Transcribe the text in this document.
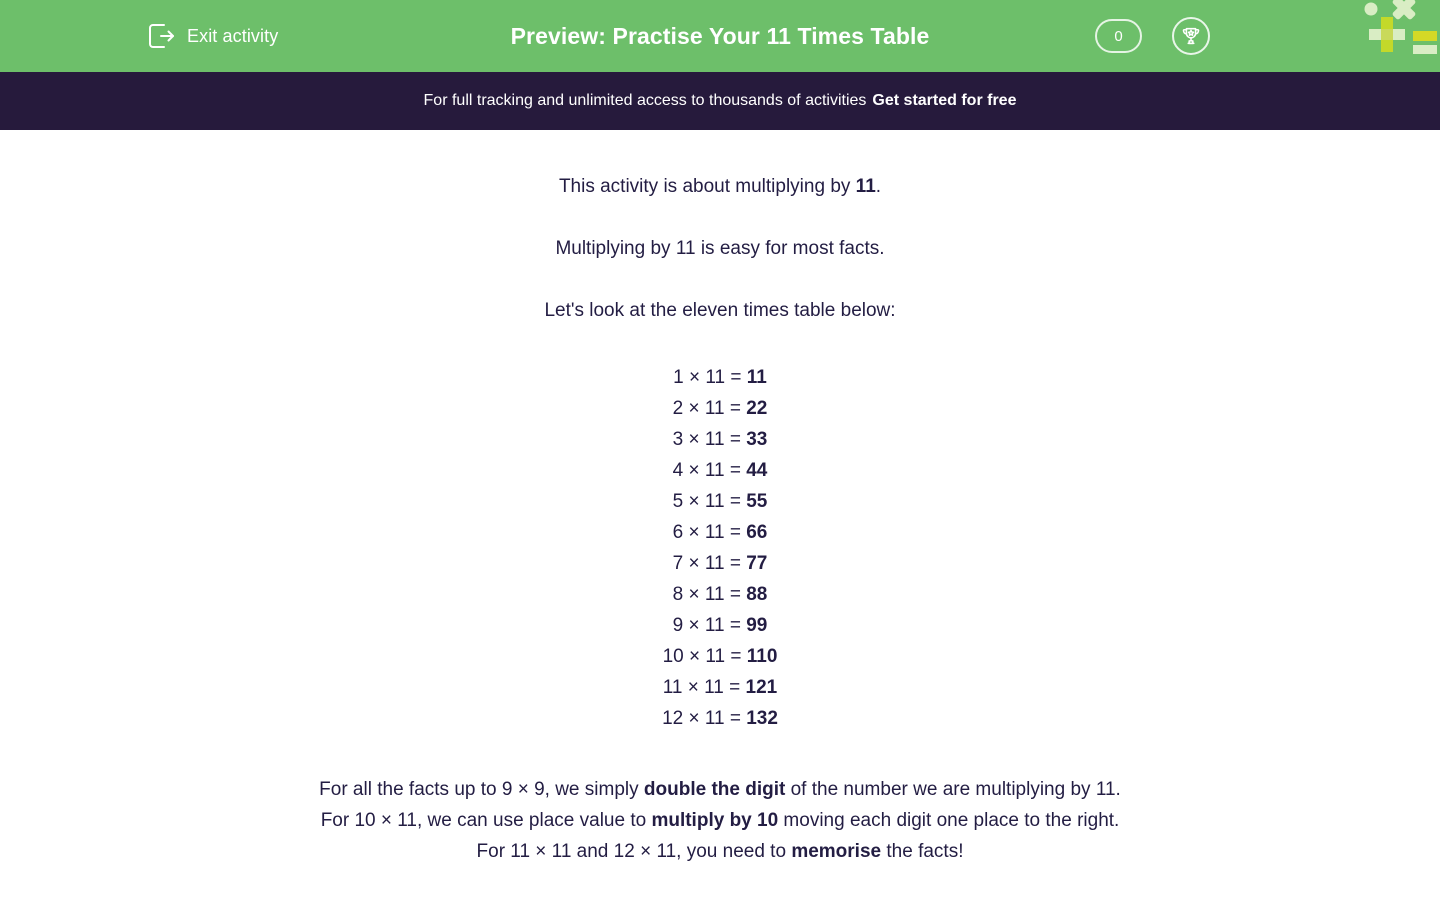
Exit activity	Preview: Practise Your 11 Times Table	0
For full tracking and unlimited access to thousands of activities Get started for free

This activity is about multiplying by 11.

Multiplying by 11 is easy for most facts.

Let's look at the eleven times table below:

1 × 11 = 11
2 × 11 = 22
3 × 11 = 33
4 × 11 = 44
5 × 11 = 55
6 × 11 = 66
7 × 11 = 77
8 × 11 = 88
9 × 11 = 99
10 × 11 = 110
11 × 11 = 121
12 × 11 = 132
For all the facts up to 9 × 9, we simply double the digit of the number we are multiplying by 11.
For 10 × 11, we can use place value to multiply by 10 moving each digit one place to the right.
For 11 × 11 and 12 × 11, you need to memorise the facts!
